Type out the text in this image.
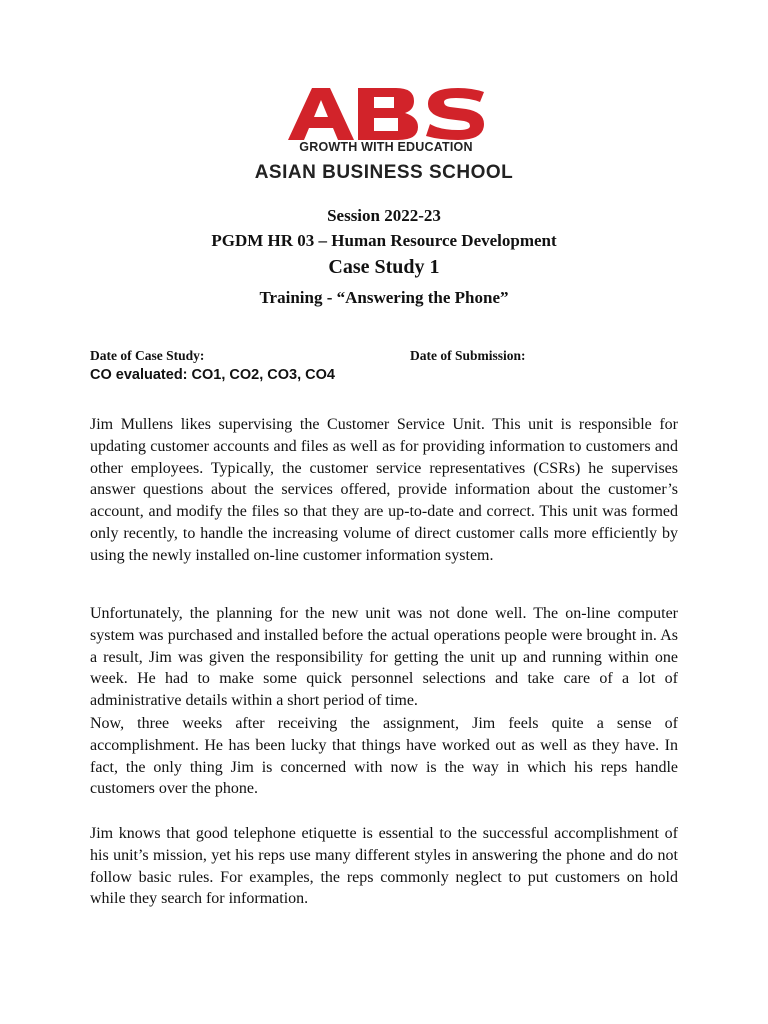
GROWTH WITH EDUCATION
ASIAN BUSINESS SCHOOL
Session 2022-23
PGDM HR 03 – Human Resource Development
Case Study 1
Training - “Answering the Phone”
Date of Case Study:	Date of Submission:
CO evaluated: CO1, CO2, CO3, CO4

Jim Mullens likes supervising the Customer Service Unit. This unit is responsible for updating customer accounts and files as well as for providing information to customers and other employees. Typically, the customer service representatives (CSRs) he supervises answer questions about the services offered, provide information about the customer’s account, and modify the files so that they are up-to-date and correct. This unit was formed only recently, to handle the increasing volume of direct customer calls more efficiently by using the newly installed on-line customer information system.

Unfortunately, the planning for the new unit was not done well. The on-line computer system was purchased and installed before the actual operations people were brought in. As a result, Jim was given the responsibility for getting the unit up and running within one week. He had to make some quick personnel selections and take care of a lot of administrative details within a short period of time.

Now, three weeks after receiving the assignment, Jim feels quite a sense of accomplishment. He has been lucky that things have worked out as well as they have. In fact, the only thing Jim is concerned with now is the way in which his reps handle customers over the phone.

Jim knows that good telephone etiquette is essential to the successful accomplishment of his unit’s mission, yet his reps use many different styles in answering the phone and do not follow basic rules. For examples, the reps commonly neglect to put customers on hold while they search for information.
